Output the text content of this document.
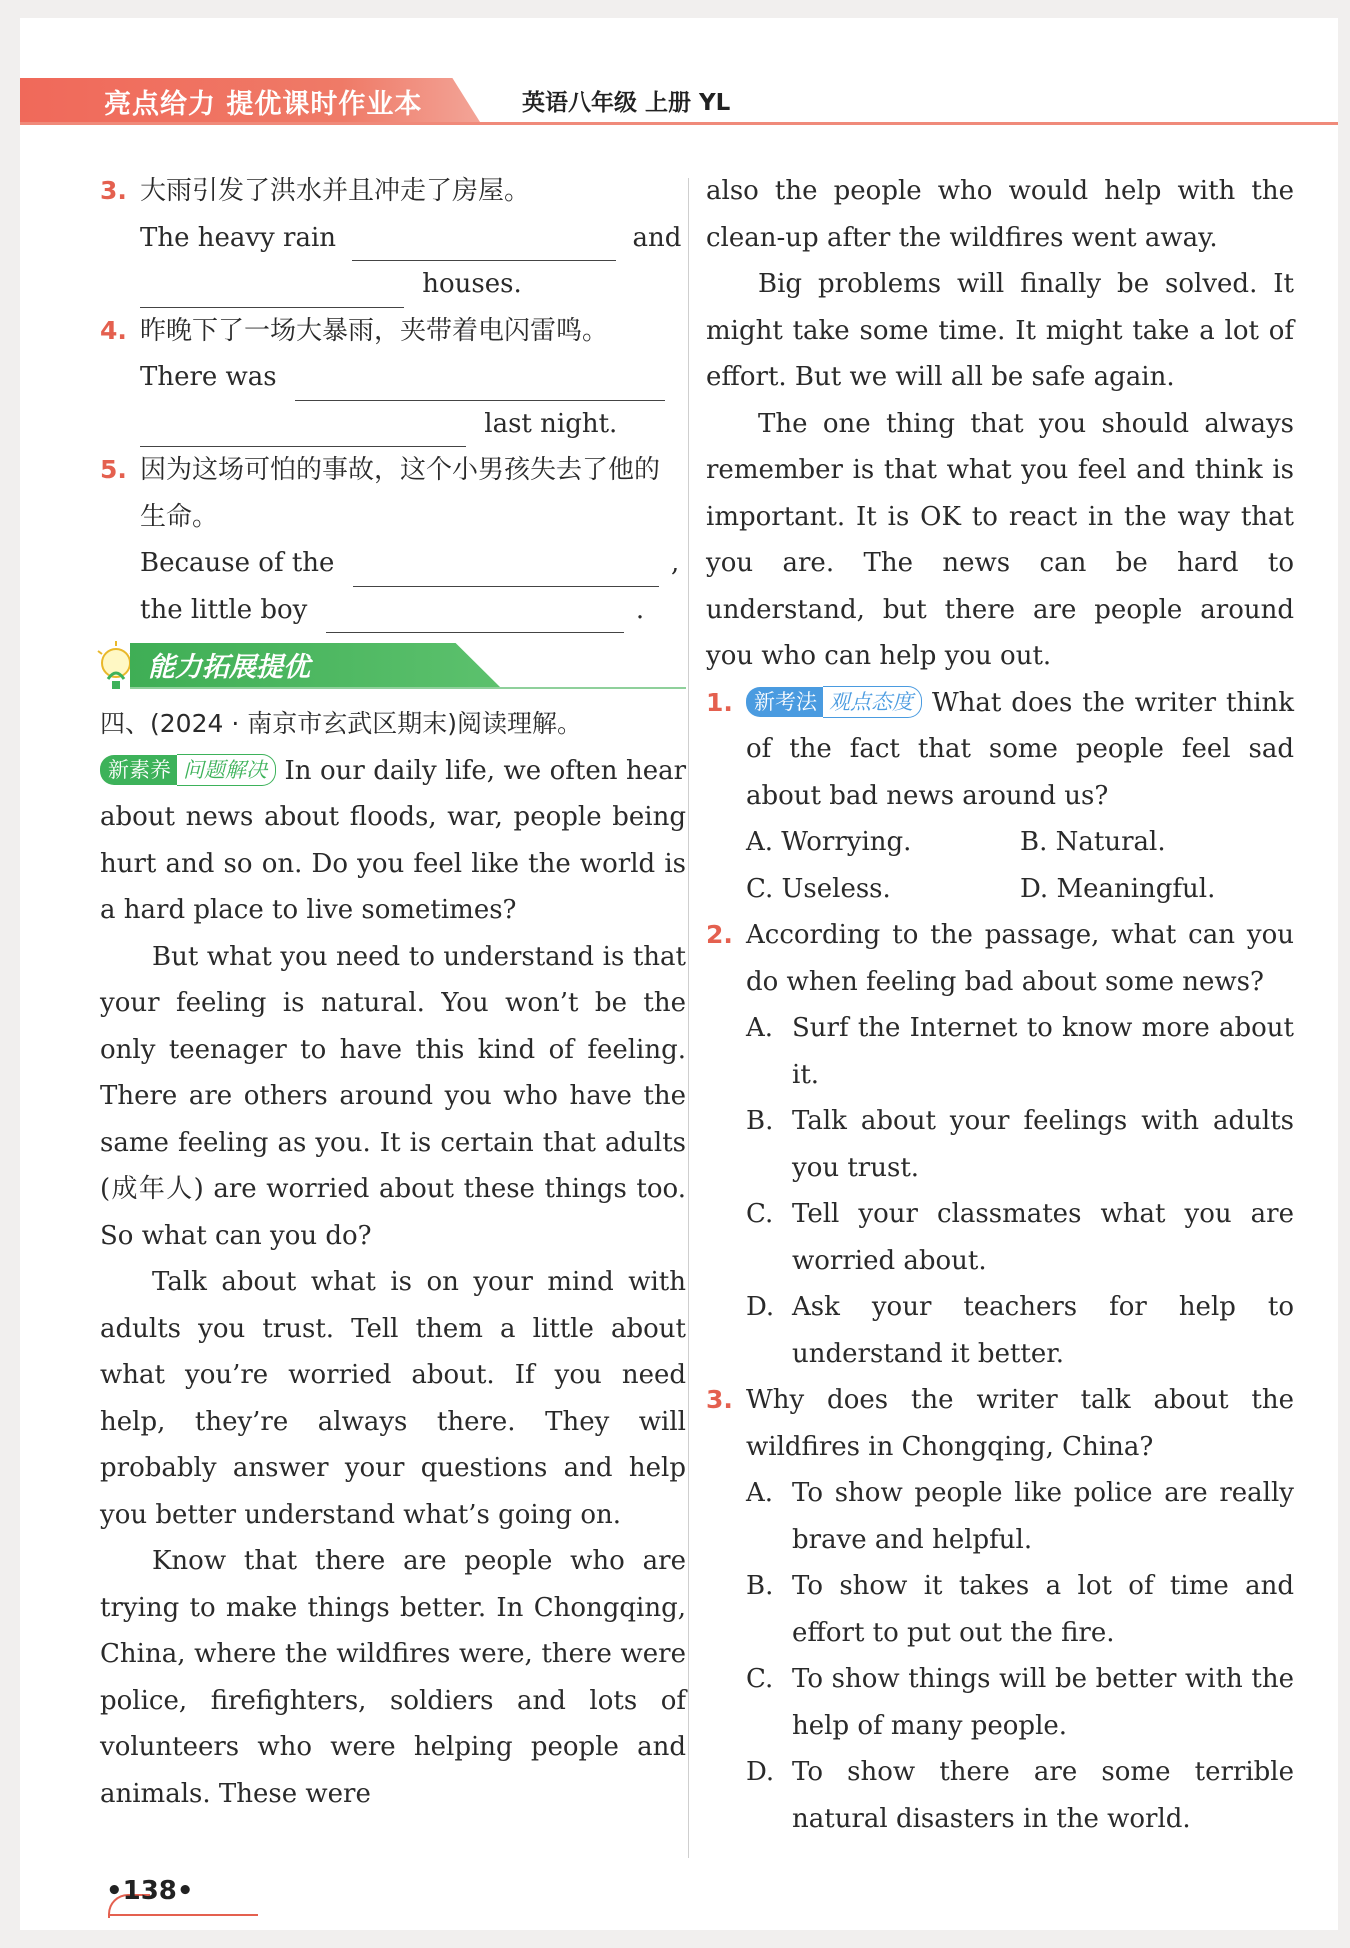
亮点给力 提优课时作业本	英语八年级 上册 YL
3. 大雨引发了洪水并且冲走了房屋。
The heavy rain	and
houses.
4. 昨晚下了一场大暴雨，夹带着电闪雷鸣。
There was
last night.
5. 因为这场可怕的事故，这个小男孩失去了他的生命。
Because of the	,
the little boy	.
能力拓展提优

四、(2024 · 南京市玄武区期末)阅读理解。

新素养 问题解决 In our daily life, we often hear about news about floods, war, people being hurt and so on. Do you feel like the world is a hard place to live sometimes?

But what you need to understand is that your feeling is natural. You won’t be the only teenager to have this kind of feeling. There are others around you who have the same feeling as you. It is certain that adults (成年人) are worried about these things too. So what can you do?

Talk about what is on your mind with adults you trust. Tell them a little about what you’re worried about. If you need help, they’re always there. They will probably answer your questions and help you better understand what’s going on.

Know that there are people who are trying to make things better. In Chongqing, China, where the wildfires were, there were police, firefighters, soldiers and lots of volunteers who were helping people and animals. These were

also the people who would help with the clean-up after the wildfires went away.

Big problems will finally be solved. It might take some time. It might take a lot of effort. But we will all be safe again.

The one thing that you should always remember is that what you feel and think is important. It is OK to react in the way that you are. The news can be hard to understand, but there are people around you who can help you out.

1.	新考法 观点态度 What does the writer think of the fact that some people feel sad about bad news around us?
A. Worrying.	B. Natural.
C. Useless.	D. Meaningful.
2. According to the passage, what can you do when feeling bad about some news?
A. Surf the Internet to know more about it.
B. Talk about your feelings with adults you trust.
C. Tell your classmates what you are worried about.
D. Ask your teachers for help to understand it better.
3. Why does the writer talk about the wildfires in Chongqing, China?
A. To show people like police are really brave and helpful.
B. To show it takes a lot of time and effort to put out the fire.
C. To show things will be better with the help of many people.
D. To show there are some terrible natural disasters in the world.
•138•
